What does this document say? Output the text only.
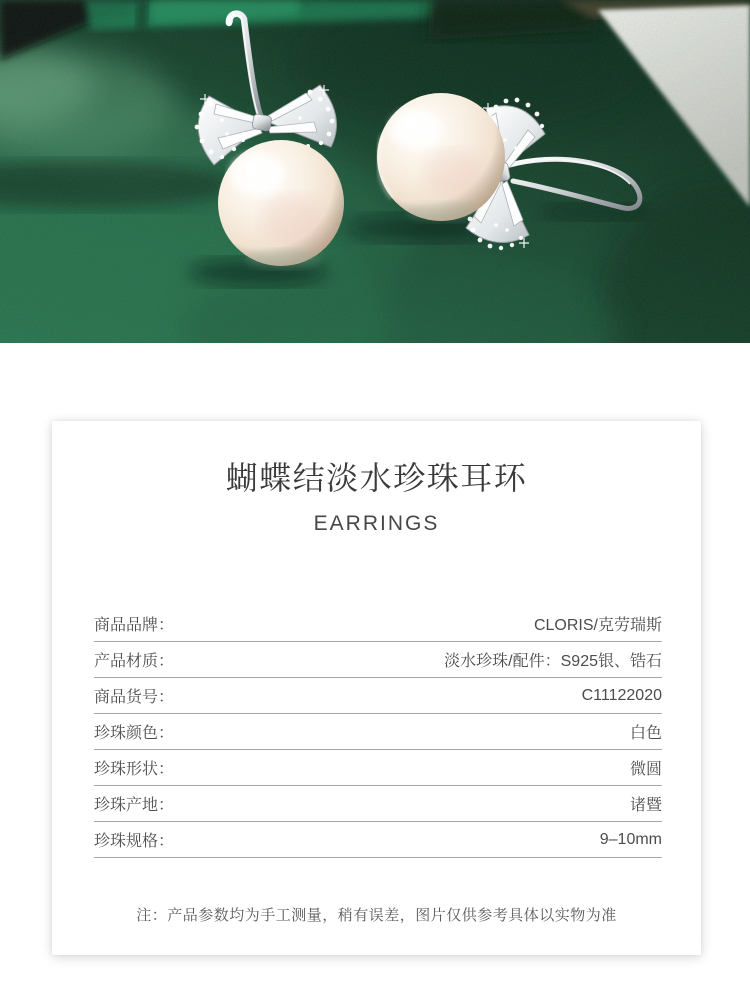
蝴蝶结淡水珍珠耳环
EARRINGS
商品品牌：	CLORIS/克劳瑞斯
产品材质：	淡水珍珠/配件：S925银、锆石
商品货号：	C11122020
珍珠颜色：	白色
珍珠形状：	微圆
珍珠产地：	诸暨
珍珠规格：	9–10mm
注：产品参数均为手工测量，稍有误差，图片仅供参考具体以实物为准
